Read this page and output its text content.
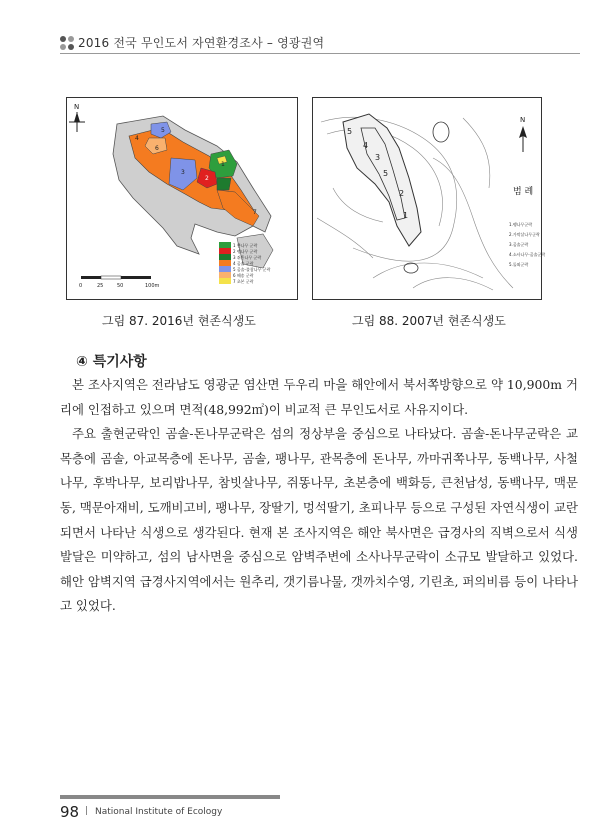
2016 전국 무인도서 자연환경조사 – 영광권역
N
4
5
6
3
2
1
7
0	25	50	100m
1 뽕나무 군락
2 팽나무 군락
3 쥐똥나무 군락
4 곰솔 군락
5 곰솔-졸참나무 군락
6 해송 군락
7 초본 군락
5
4
3
5
2
1
N
범 례
1.팽나무군락
2.가막살나무군락
3.곰솔군락
4.소사나무-곰솔군락
5.돌외군락
그림 87. 2016년 현존식생도	그림 88. 2007년 현존식생도
④ 특기사항

본 조사지역은 전라남도 영광군 염산면 두우리 마을 해안에서 북서쪽방향으로 약 10,900m 거리에 인접하고 있으며 면적(48,992㎡)이 비교적 큰 무인도서로 사유지이다.

주요 출현군락인 곰솔-돈나무군락은 섬의 정상부을 중심으로 나타났다. 곰솔-돈나무군락은 교목층에 곰솔, 아교목층에 돈나무, 곰솔, 팽나무, 관목층에 돈나무, 까마귀쪽나무, 동백나무, 사철나무, 후박나무, 보리밥나무, 참빗살나무, 쥐똥나무, 초본층에 백화등, 큰천남성, 동백나무, 맥문동, 맥문아재비, 도깨비고비, 팽나무, 장딸기, 멍석딸기, 초피나무 등으로 구성된 자연식생이 교란되면서 나타난 식생으로 생각된다. 현재 본 조사지역은 해안 북사면은 급경사의 직벽으로서 식생발달은 미약하고, 섬의 남사면을 중심으로 암벽주변에 소사나무군락이 소규모 발달하고 있었다. 해안 암벽지역 급경사지역에서는 원추리, 갯기름나물, 갯까치수영, 기린초, 퍼의비름 등이 나타나고 있었다.

98 | National Institute of Ecology
